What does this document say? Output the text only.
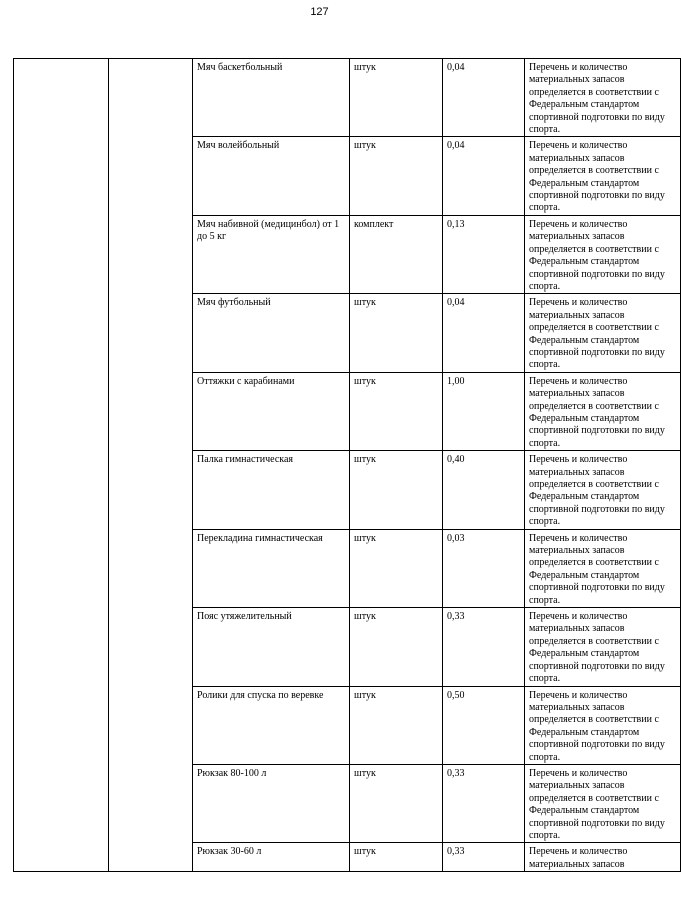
127
		Мяч баскетбольный	штук	0,04	Перечень и количество материальных запасов определяется в соответствии с Федеральным стандартом спортивной подготовки по виду спорта.
		Мяч волейбольный	штук	0,04	Перечень и количество материальных запасов определяется в соответствии с Федеральным стандартом спортивной подготовки по виду спорта.
		Мяч набивной (медицинбол) от 1 до 5 кг	комплект	0,13	Перечень и количество материальных запасов определяется в соответствии с Федеральным стандартом спортивной подготовки по виду спорта.
		Мяч футбольный	штук	0,04	Перечень и количество материальных запасов определяется в соответствии с Федеральным стандартом спортивной подготовки по виду спорта.
		Оттяжки с карабинами	штук	1,00	Перечень и количество материальных запасов определяется в соответствии с Федеральным стандартом спортивной подготовки по виду спорта.
		Палка гимнастическая	штук	0,40	Перечень и количество материальных запасов определяется в соответствии с Федеральным стандартом спортивной подготовки по виду спорта.
		Перекладина гимнастическая	штук	0,03	Перечень и количество материальных запасов определяется в соответствии с Федеральным стандартом спортивной подготовки по виду спорта.
		Пояс утяжелительный	штук	0,33	Перечень и количество материальных запасов определяется в соответствии с Федеральным стандартом спортивной подготовки по виду спорта.
		Ролики для спуска по веревке	штук	0,50	Перечень и количество материальных запасов определяется в соответствии с Федеральным стандартом спортивной подготовки по виду спорта.
		Рюкзак 80-100 л	штук	0,33	Перечень и количество материальных запасов определяется в соответствии с Федеральным стандартом спортивной подготовки по виду спорта.
		Рюкзак 30-60 л	штук	0,33	Перечень и количество материальных запасов
